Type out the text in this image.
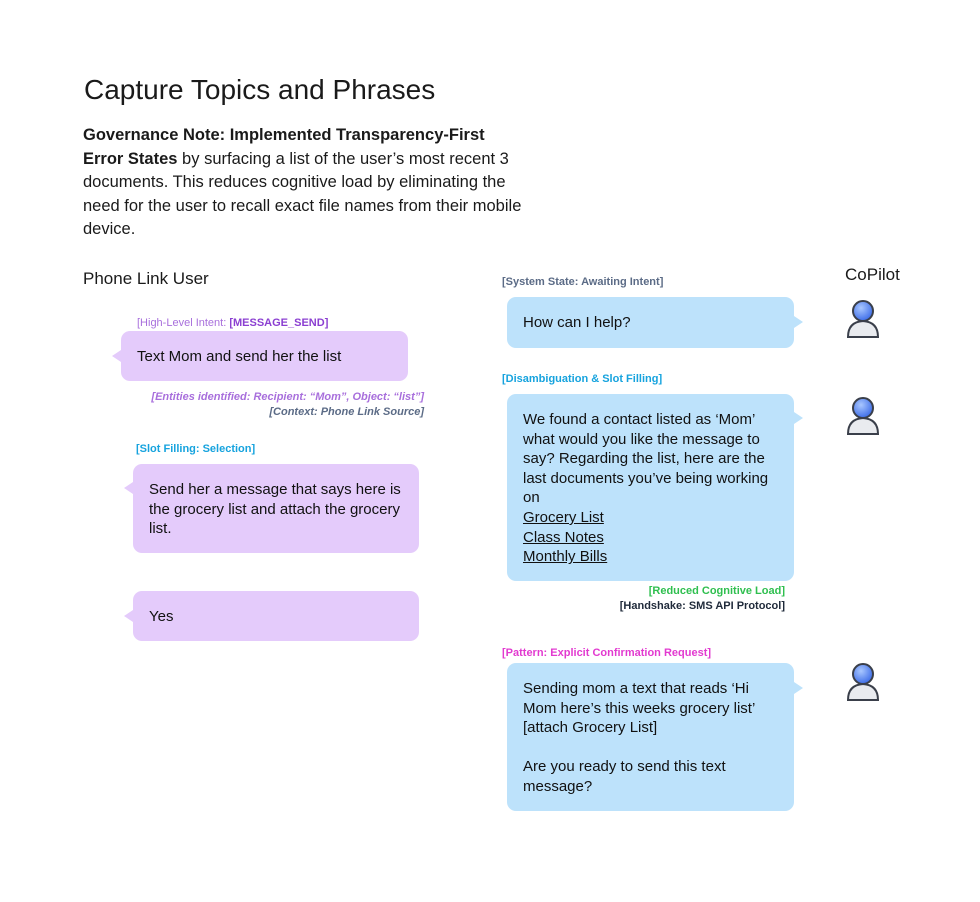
Capture Topics and Phrases
Governance Note: Implemented Transparency-First Error States by surfacing a list of the user’s most recent 3 documents. This reduces cognitive load by eliminating the need for the user to recall exact file names from their mobile device.
Phone Link User	CoPilot
[High-Level Intent: [MESSAGE_SEND]
Text Mom and send her the list
[Entities identified: Recipient: “Mom”, Object: “list”]
[Context: Phone Link Source]
[Slot Filling: Selection]
Send her a message that says here is the grocery list and attach the grocery list.
Yes
[System State: Awaiting Intent]
How can I help?
[Disambiguation & Slot Filling]
We found a contact listed as ‘Mom’ what would you like the message to say? Regarding the list, here are the last documents you’ve being working on
Grocery List
Class Notes
Monthly Bills
[Reduced Cognitive Load]
[Handshake: SMS API Protocol]
[Pattern: Explicit Confirmation Request]
Sending mom a text that reads ‘Hi Mom here’s this weeks grocery list’ [attach Grocery List]
Are you ready to send this text message?
